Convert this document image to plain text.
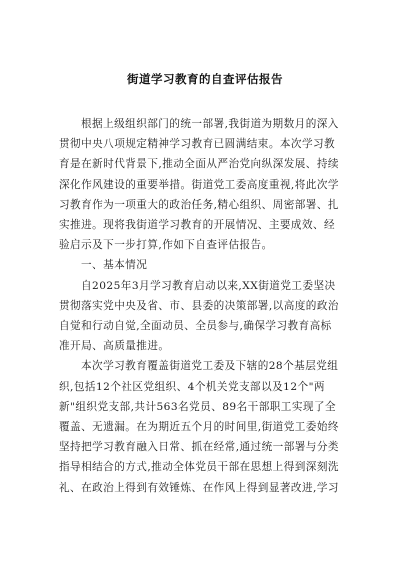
街道学习教育的自查评估报告
根据上级组织部门的统一部署,我街道为期数月的深入
贯彻中央八项规定精神学习教育已圆满结束。本次学习教
育是在新时代背景下,推动全面从严治党向纵深发展、持续
深化作风建设的重要举措。街道党工委高度重视,将此次学
习教育作为一项重大的政治任务,精心组织、周密部署、扎
实推进。现将我街道学习教育的开展情况、主要成效、经
验启示及下一步打算,作如下自查评估报告。
一、基本情况
自2025年3月学习教育启动以来,XX街道党工委坚决
贯彻落实党中央及省、市、县委的决策部署,以高度的政治
自觉和行动自觉,全面动员、全员参与,确保学习教育高标
准开局、高质量推进。
本次学习教育覆盖街道党工委及下辖的28个基层党组
织,包括12个社区党组织、4个机关党支部以及12个"两
新"组织党支部,共计563名党员、89名干部职工实现了全
覆盖、无遗漏。在为期近五个月的时间里,街道党工委始终
坚持把学习教育融入日常、抓在经常,通过统一部署与分类
指导相结合的方式,推动全体党员干部在思想上得到深刻洗
礼、在政治上得到有效锤炼、在作风上得到显著改进,学习
